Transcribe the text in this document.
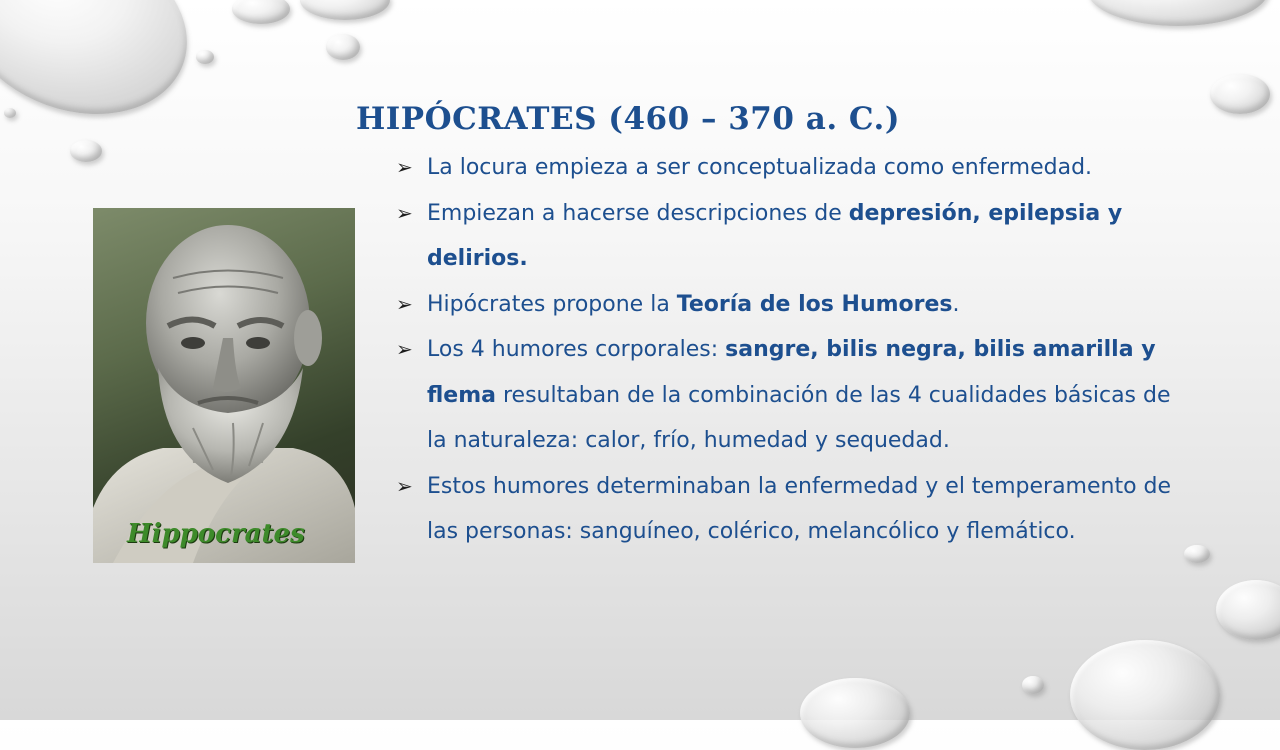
HIPÓCRATES (460 – 370 a. C.)
Hippocrates
➢ La locura empieza a ser conceptualizada como enfermedad.
➢ Empiezan a hacerse descripciones de depresión, epilepsia y delirios.
➢ Hipócrates propone la Teoría de los Humores.
➢ Los 4 humores corporales: sangre, bilis negra, bilis amarilla y flema resultaban de la combinación de las 4 cualidades básicas de la naturaleza: calor, frío, humedad y sequedad.
➢ Estos humores determinaban la enfermedad y el temperamento de las personas: sanguíneo, colérico, melancólico y flemático.
